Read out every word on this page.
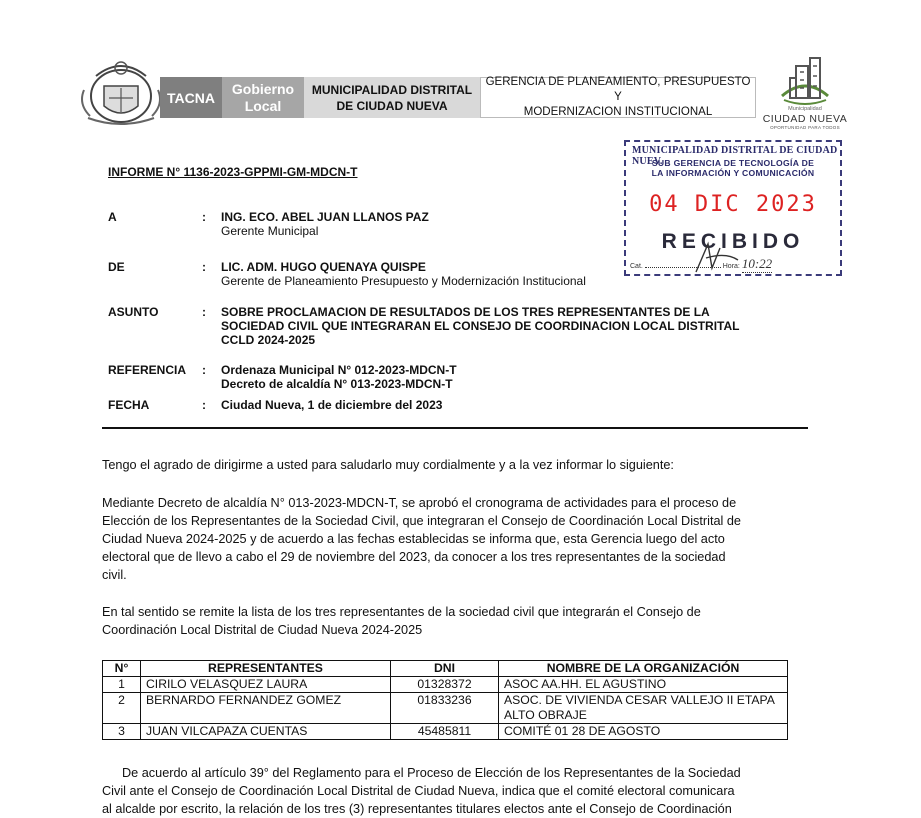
TACNA
Gobierno
Local
MUNICIPALIDAD DISTRITAL
DE CIUDAD NUEVA
GERENCIA DE PLANEAMIENTO, PRESUPUESTO Y
MODERNIZACION INSTITUCIONAL	Municipalidad
CIUDAD NUEVA
OPORTUNIDAD PARA TODOS
MUNICIPALIDAD DISTRITAL DE CIUDAD NUEV.
SUB GERENCIA DE TECNOLOGÍA DE
LA INFORMACIÓN Y COMUNICACIÓN
04 DIC 2023
RECIBIDO
Cat.	Hora: 10:22
INFORME N° 1136-2023-GPPMI-GM-MDCN-T
A	: ING. ECO. ABEL JUAN LLANOS PAZ
Gerente Municipal
DE	: LIC. ADM. HUGO QUENAYA QUISPE
Gerente de Planeamiento Presupuesto y Modernización Institucional
ASUNTO	: SOBRE PROCLAMACION DE RESULTADOS DE LOS TRES REPRESENTANTES DE LA
SOCIEDAD CIVIL QUE INTEGRARAN EL CONSEJO DE COORDINACION LOCAL DISTRITAL
CCLD 2024-2025
REFERENCIA : Ordenaza Municipal N° 012-2023-MDCN-T
Decreto de alcaldía N° 013-2023-MDCN-T
FECHA	: Ciudad Nueva, 1 de diciembre del 2023
Tengo el agrado de dirigirme a usted para saludarlo muy cordialmente y a la vez informar lo siguiente:
Mediante Decreto de alcaldía N° 013-2023-MDCN-T, se aprobó el cronograma de actividades para el proceso de
Elección de los Representantes de la Sociedad Civil, que integraran el Consejo de Coordinación Local Distrital de
Ciudad Nueva 2024-2025 y de acuerdo a las fechas establecidas se informa que, esta Gerencia luego del acto
electoral que de llevo a cabo el 29 de noviembre del 2023, da conocer a los tres representantes de la sociedad
civil.
En tal sentido se remite la lista de los tres representantes de la sociedad civil que integrarán el Consejo de
Coordinación Local Distrital de Ciudad Nueva 2024-2025
N°	REPRESENTANTES	DNI	NOMBRE DE LA ORGANIZACIÓN
1	CIRILO VELASQUEZ LAURA	01328372	ASOC AA.HH. EL AGUSTINO
2	BERNARDO FERNANDEZ GOMEZ	01833236	ASOC. DE VIVIENDA CESAR VALLEJO II ETAPA ALTO OBRAJE
3	JUAN VILCAPAZA CUENTAS	45485811	COMITÉ 01 28 DE AGOSTO
De acuerdo al artículo 39° del Reglamento para el Proceso de Elección de los Representantes de la Sociedad
Civil ante el Consejo de Coordinación Local Distrital de Ciudad Nueva, indica que el comité electoral comunicara
al alcalde por escrito, la relación de los tres (3) representantes titulares electos ante el Consejo de Coordinación
